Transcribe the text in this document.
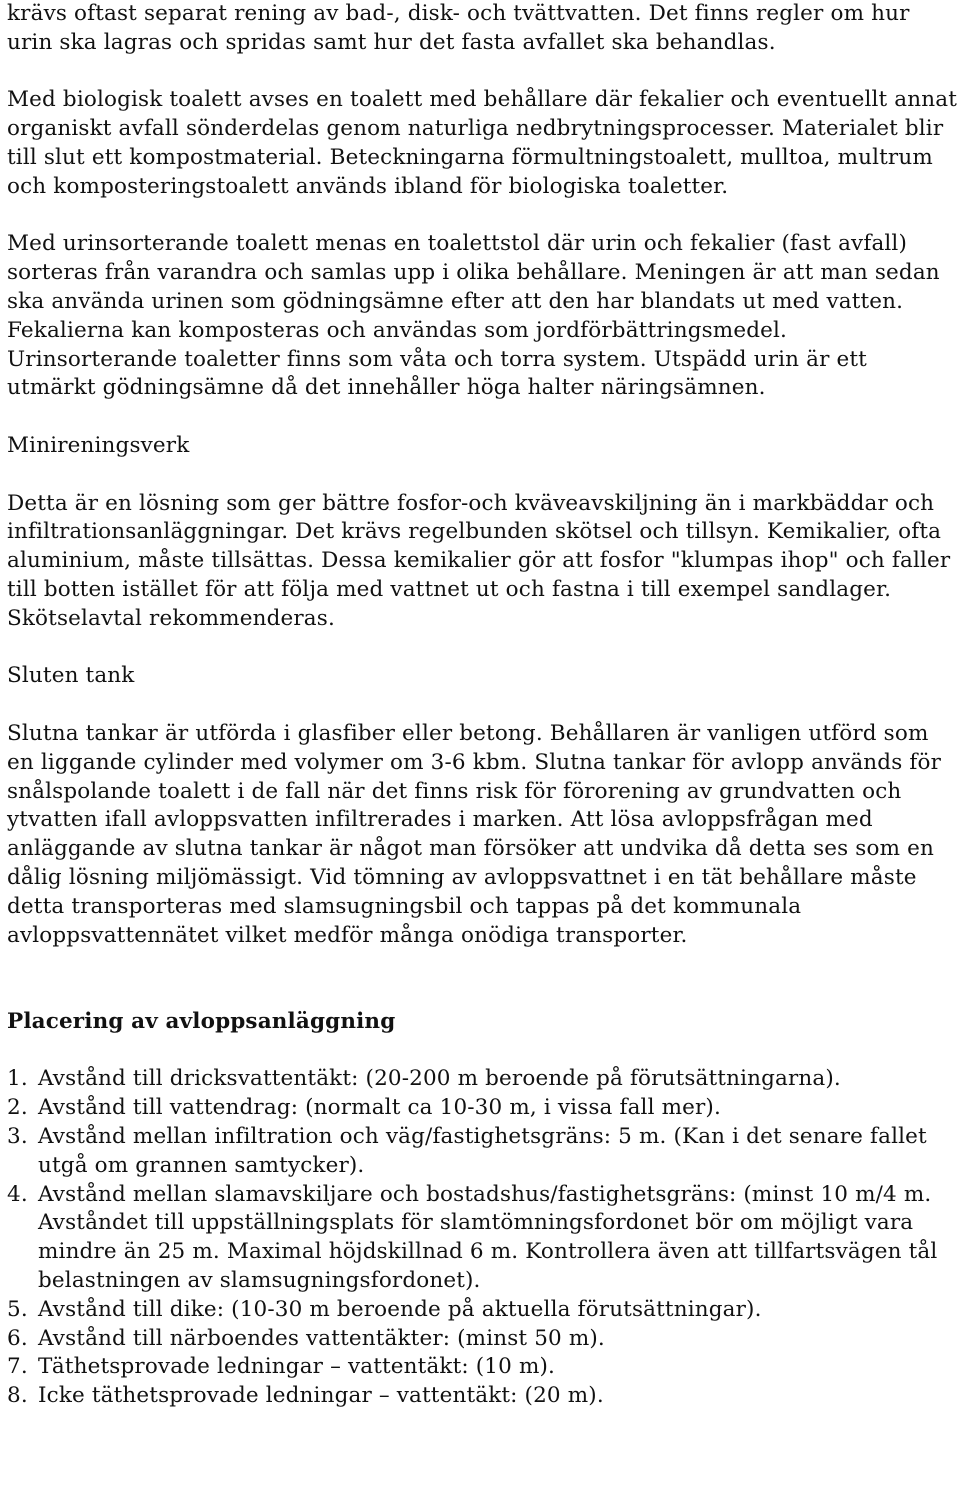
krävs oftast separat rening av bad-, disk- och tvättvatten. Det finns regler om hur urin ska lagras och spridas samt hur det fasta avfallet ska behandlas.

Med biologisk toalett avses en toalett med behållare där fekalier och eventuellt annat organiskt avfall sönderdelas genom naturliga nedbrytningsprocesser. Materialet blir till slut ett kompostmaterial. Beteckningarna förmultningstoalett, mulltoa, multrum och komposteringstoalett används ibland för biologiska toaletter.

Med urinsorterande toalett menas en toalettstol där urin och fekalier (fast avfall) sorteras från varandra och samlas upp i olika behållare. Meningen är att man sedan ska använda urinen som gödningsämne efter att den har blandats ut med vatten. Fekalierna kan komposteras och användas som jordförbättringsmedel. Urinsorterande toaletter finns som våta och torra system. Utspädd urin är ett utmärkt gödningsämne då det innehåller höga halter näringsämnen.

Minireningsverk

Detta är en lösning som ger bättre fosfor-och kväveavskiljning än i markbäddar och infiltrationsanläggningar. Det krävs regelbunden skötsel och tillsyn. Kemikalier, ofta aluminium, måste tillsättas. Dessa kemikalier gör att fosfor "klumpas ihop" och faller till botten istället för att följa med vattnet ut och fastna i till exempel sandlager. Skötselavtal rekommenderas.

Sluten tank

Slutna tankar är utförda i glasfiber eller betong. Behållaren är vanligen utförd som en liggande cylinder med volymer om 3-6 kbm. Slutna tankar för avlopp används för snålspolande toalett i de fall när det finns risk för förorening av grundvatten och ytvatten ifall avloppsvatten infiltrerades i marken. Att lösa avloppsfrågan med anläggande av slutna tankar är något man försöker att undvika då detta ses som en dålig lösning miljömässigt. Vid tömning av avloppsvattnet i en tät behållare måste detta transporteras med slamsugningsbil och tappas på det kommunala avloppsvattennätet vilket medför många onödiga transporter.

Placering av avloppsanläggning
1. Avstånd till dricksvattentäkt: (20-200 m beroende på förutsättningarna).
2. Avstånd till vattendrag: (normalt ca 10-30 m, i vissa fall mer).
3. Avstånd mellan infiltration och väg/fastighetsgräns: 5 m. (Kan i det senare fallet utgå om grannen samtycker).
4. Avstånd mellan slamavskiljare och bostadshus/fastighetsgräns: (minst 10 m/4 m. Avståndet till uppställningsplats för slamtömningsfordonet bör om möjligt vara mindre än 25 m. Maximal höjdskillnad 6 m. Kontrollera även att tillfartsvägen tål belastningen av slamsugningsfordonet).
5. Avstånd till dike: (10-30 m beroende på aktuella förutsättningar).
6. Avstånd till närboendes vattentäkter: (minst 50 m).
7. Täthetsprovade ledningar – vattentäkt: (10 m).
8. Icke täthetsprovade ledningar – vattentäkt: (20 m).
